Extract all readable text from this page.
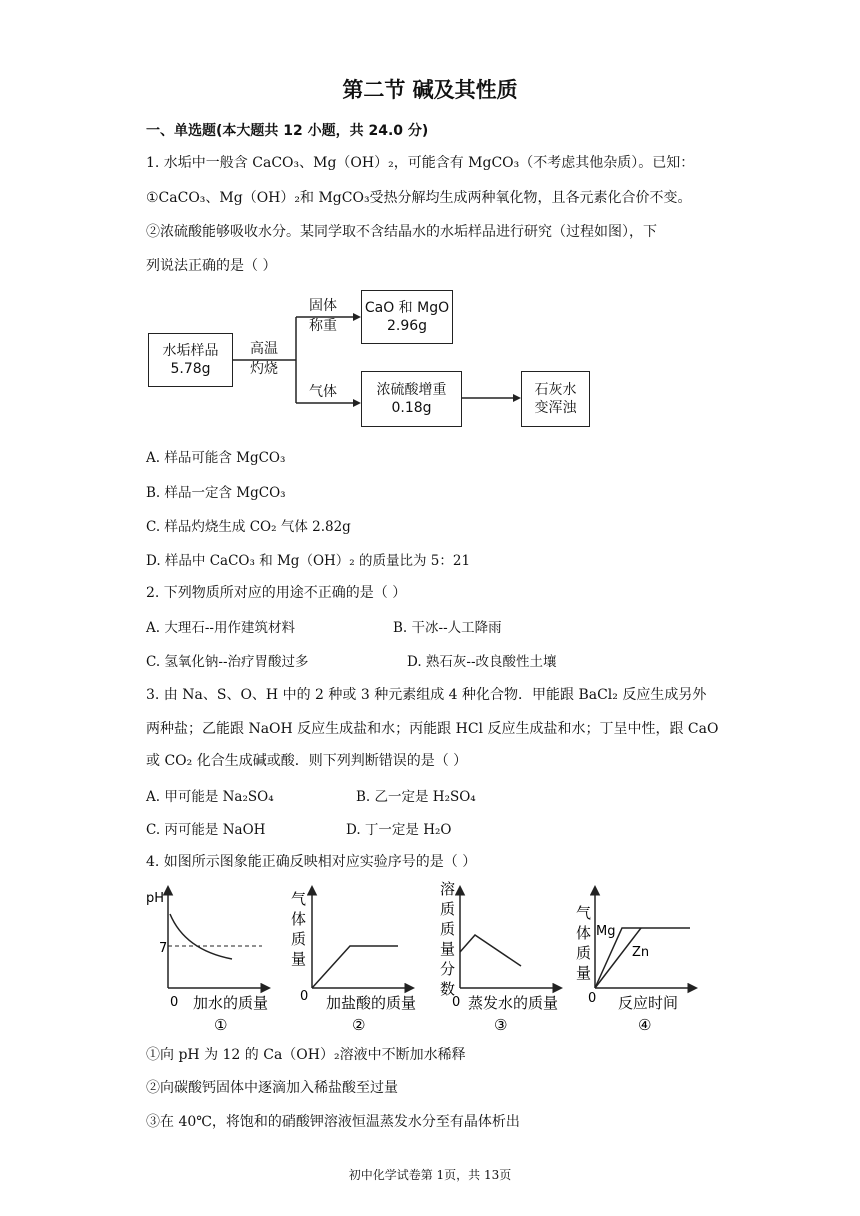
第二节 碱及其性质
一、单选题(本大题共 12 小题，共 24.0 分)
1. 水垢中一般含 CaCO₃、Mg（OH）₂，可能含有 MgCO₃（不考虑其他杂质）。已知：
①CaCO₃、Mg（OH）₂和 MgCO₃受热分解均生成两种氧化物，且各元素化合价不变。
②浓硫酸能够吸收水分。某同学取不含结晶水的水垢样品进行研究（过程如图），下
列说法正确的是（ ）
水垢样品
5.78g
高温
灼烧
固体
称重
CaO 和 MgO
2.96g
气体	浓硫酸增重
0.18g
石灰水
变浑浊
A. 样品可能含 MgCO₃
B. 样品一定含 MgCO₃
C. 样品灼烧生成 CO₂ 气体 2.82g
D. 样品中 CaCO₃ 和 Mg（OH）₂ 的质量比为 5：21
2. 下列物质所对应的用途不正确的是（ ）
A. 大理石--用作建筑材料	B. 干冰--人工降雨
C. 氢氧化钠--治疗胃酸过多	D. 熟石灰--改良酸性土壤
3. 由 Na、S、O、H 中的 2 种或 3 种元素组成 4 种化合物．甲能跟 BaCl₂ 反应生成另外
两种盐；乙能跟 NaOH 反应生成盐和水；丙能跟 HCl 反应生成盐和水；丁呈中性，跟 CaO
或 CO₂ 化合生成碱或酸．则下列判断错误的是（ ）
A. 甲可能是 Na₂SO₄	B. 乙一定是 H₂SO₄
C. 丙可能是 NaOH	D. 丁一定是 H₂O
4. 如图所示图象能正确反映相对应实验序号的是（ ）
pH
7
0 加水的质量
①
气
体
质
量
0 加盐酸的质量
②
溶
质
质
量
分
数
0 蒸发水的质量
③
气
体
质
量
Mg
Zn
0 反应时间
④
①向 pH 为 12 的 Ca（OH）₂溶液中不断加水稀释
②向碳酸钙固体中逐滴加入稀盐酸至过量
③在 40℃，将饱和的硝酸钾溶液恒温蒸发水分至有晶体析出
初中化学试卷第 1页，共 13页
